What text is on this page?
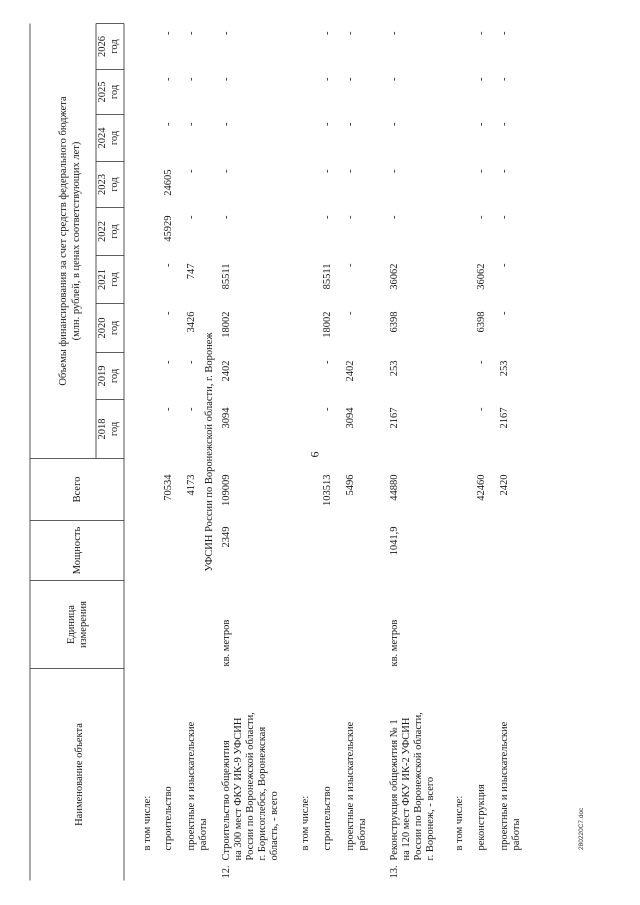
6
280220С7.doc
Наименование объекта
Единица измерения
Мощность
Всего
Объемы финансирования за счет средств федерального бюджета (млн. рублей, в ценах соответствующих лет)
2018 год
2019 год
2020 год
2021 год
2022 год
2023 год
2024 год
2025 год
2026 год
УФСИН России по Воронежской области, г. Воронеж
в том числе: строительство
70534
-
-
-
-
45929
24605
-
-
-
проектные и изыскательские работы
4173
-
-
3426
747
-
-
-
-
-
12.
Строительство общежития на 300 мест ФКУ ИК-9 УФСИН России по Воронежской области, г. Борисоглебск, Воронежская область, - всего
кв. метров
2349
109009
3094
2402
18002
85511
-
-
-
-
-
в том числе: строительство
103513
-
-
18002
85511
-
-
-
-
-
проектные и изыскательские работы
5496
3094
2402
-
-
-
-
-
-
-
13.
Реконструкция общежития № 1 на 120 мест ФКУ ИК-2 УФСИН России по Воронежской области, г. Воронеж, - всего
кв. метров
1041,9
44880
2167
253
6398
36062
-
-
-
-
-
в том числе: реконструкция
42460
-
-
6398
36062
-
-
-
-
-
проектные и изыскательские работы
2420
2167
253
-
-
-
-
-
-
-
